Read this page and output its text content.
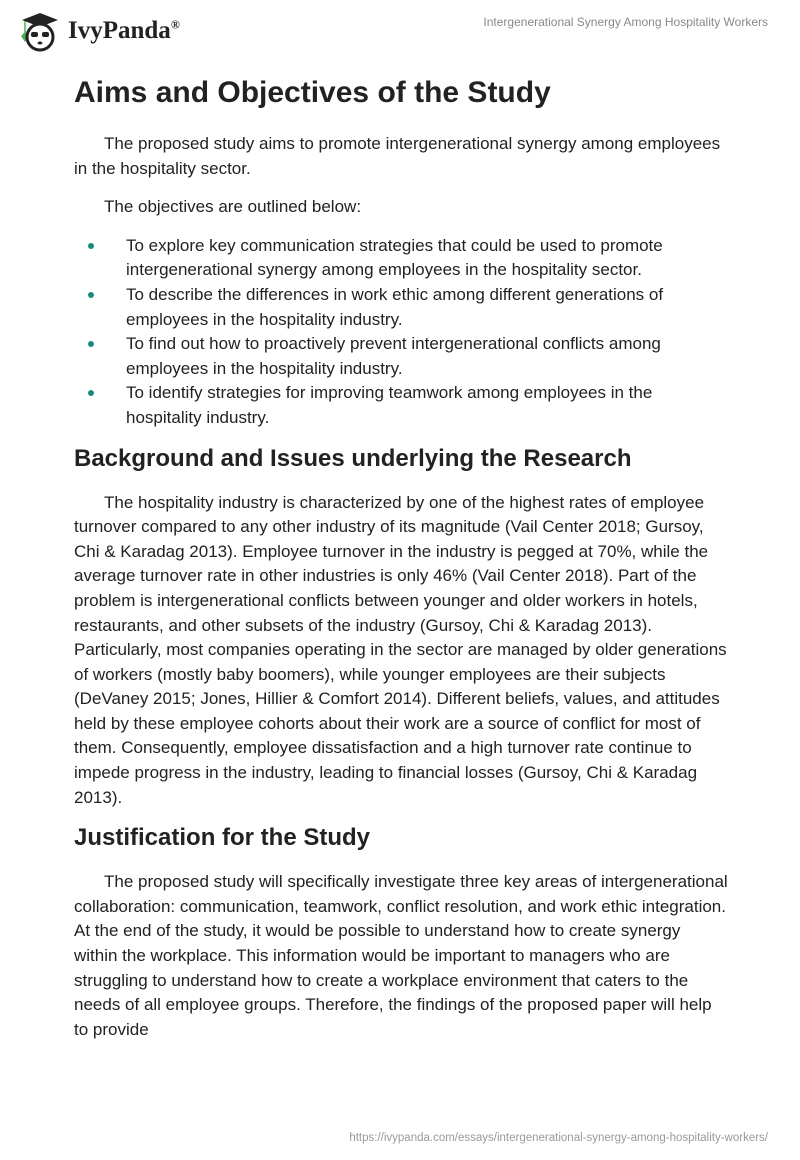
IvyPanda®	Intergenerational Synergy Among Hospitality Workers
Aims and Objectives of the Study

The proposed study aims to promote intergenerational synergy among employees in the hospitality sector.

The objectives are outlined below:

To explore key communication strategies that could be used to promote intergenerational synergy among employees in the hospitality sector.
To describe the differences in work ethic among different generations of employees in the hospitality industry.
To find out how to proactively prevent intergenerational conflicts among employees in the hospitality industry.
To identify strategies for improving teamwork among employees in the hospitality industry.
Background and Issues underlying the Research

The hospitality industry is characterized by one of the highest rates of employee turnover compared to any other industry of its magnitude (Vail Center 2018; Gursoy, Chi & Karadag 2013). Employee turnover in the industry is pegged at 70%, while the average turnover rate in other industries is only 46% (Vail Center 2018). Part of the problem is intergenerational conflicts between younger and older workers in hotels, restaurants, and other subsets of the industry (Gursoy, Chi & Karadag 2013). Particularly, most companies operating in the sector are managed by older generations of workers (mostly baby boomers), while younger employees are their subjects (DeVaney 2015; Jones, Hillier & Comfort 2014). Different beliefs, values, and attitudes held by these employee cohorts about their work are a source of conflict for most of them. Consequently, employee dissatisfaction and a high turnover rate continue to impede progress in the industry, leading to financial losses (Gursoy, Chi & Karadag 2013).

Justification for the Study

The proposed study will specifically investigate three key areas of intergenerational collaboration: communication, teamwork, conflict resolution, and work ethic integration. At the end of the study, it would be possible to understand how to create synergy within the workplace. This information would be important to managers who are struggling to understand how to create a workplace environment that caters to the needs of all employee groups. Therefore, the findings of the proposed paper will help to provide

https://ivypanda.com/essays/intergenerational-synergy-among-hospitality-workers/
